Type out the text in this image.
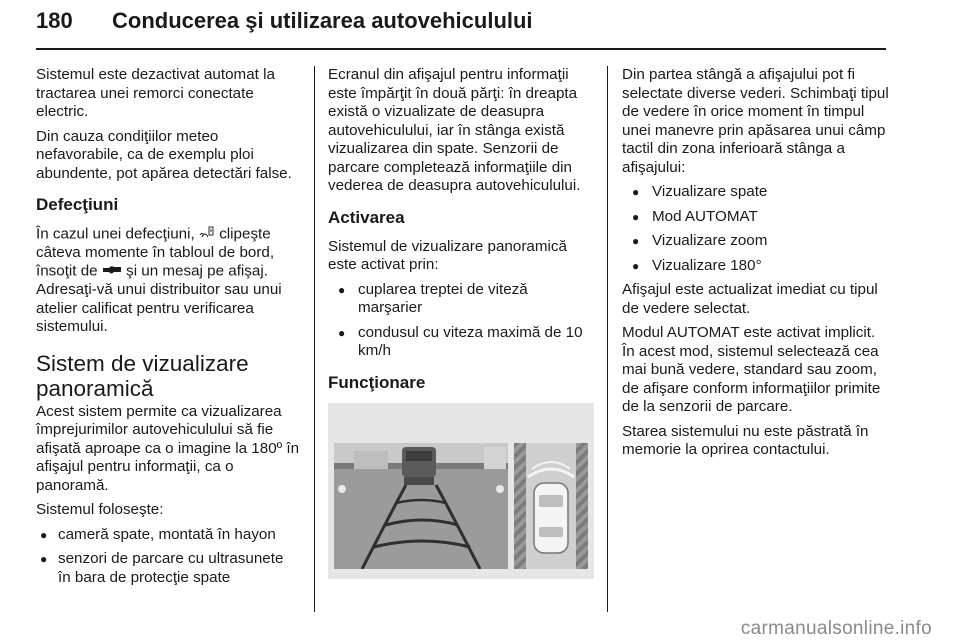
180 Conducerea şi utilizarea autovehiculului

Sistemul este dezactivat automat la tractarea unei remorci conectate electric.

Din cauza condiţiilor meteo nefavorabile, ca de exemplu ploi abundente, pot apărea detectări false.

Defecţiuni

În cazul unei defecţiuni, clipeşte câteva momente în tabloul de bord, însoţit de şi un mesaj pe afişaj. Adresaţi-vă unui distribuitor sau unui atelier calificat pentru verificarea sistemului.

Sistem de vizualizare panoramică

Acest sistem permite ca vizualizarea împrejurimilor autovehiculului să fie afişată aproape ca o imagine la 180º în afişajul pentru informaţii, ca o panoramă.

Sistemul foloseşte:

● cameră spate, montată în hayon
● senzori de parcare cu ultrasunete în bara de protecţie spate

Ecranul din afişajul pentru informaţii este împărţit în două părţi: în dreapta există o vizualizate de deasupra autovehiculului, iar în stânga există vizualizarea din spate. Senzorii de parcare completează informaţiile din vederea de deasupra autovehiculului.

Activarea

Sistemul de vizualizare panoramică este activat prin:

● cuplarea treptei de viteză marşarier
● condusul cu viteza maximă de 10 km/h
Funcţionare

Din partea stângă a afişajului pot fi selectate diverse vederi. Schimbaţi tipul de vedere în orice moment în timpul unei manevre prin apăsarea unui câmp tactil din zona inferioară stânga a afişajului:

● Vizualizare spate
● Mod AUTOMAT
● Vizualizare zoom
● Vizualizare 180°

Afişajul este actualizat imediat cu tipul de vedere selectat.

Modul AUTOMAT este activat implicit. În acest mod, sistemul selectează cea mai bună vedere, standard sau zoom, de afişare conform informaţiilor primite de la senzorii de parcare.

Starea sistemului nu este păstrată în memorie la oprirea contactului.

carmanualsonline.info
